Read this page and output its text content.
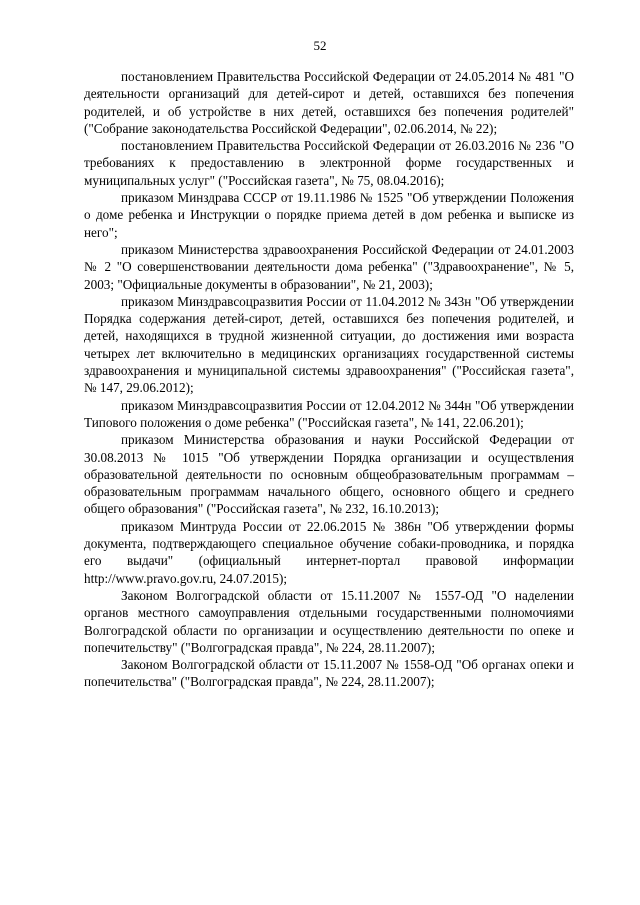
52

постановлением Правительства Российской Федерации от 24.05.2014 № 481 "О деятельности организаций для детей-сирот и детей, оставшихся без попечения родителей, и об устройстве в них детей, оставшихся без попечения родителей" ("Собрание законодательства Российской Федерации", 02.06.2014, № 22);

постановлением Правительства Российской Федерации от 26.03.2016 № 236 "О требованиях к предоставлению в электронной форме государственных и муниципальных услуг" ("Российская газета", № 75, 08.04.2016);

приказом Минздрава СССР от 19.11.1986 № 1525 "Об утверждении Положения о доме ребенка и Инструкции о порядке приема детей в дом ребенка и выписке из него";

приказом Министерства здравоохранения Российской Федерации от 24.01.2003 № 2 "О совершенствовании деятельности дома ребенка" ("Здравоохранение", № 5, 2003; "Официальные документы в образовании", № 21, 2003);

приказом Минздравсоцразвития России от 11.04.2012 № 343н "Об утверждении Порядка содержания детей-сирот, детей, оставшихся без попечения родителей, и детей, находящихся в трудной жизненной ситуации, до достижения ими возраста четырех лет включительно в медицинских организациях государственной системы здравоохранения и муниципальной системы здравоохранения" ("Российская газета", № 147, 29.06.2012);

приказом Минздравсоцразвития России от 12.04.2012 № 344н "Об утверждении Типового положения о доме ребенка" ("Российская газета", № 141, 22.06.201);

приказом Министерства образования и науки Российской Федерации от 30.08.2013 № 1015 "Об утверждении Порядка организации и осуществления образовательной деятельности по основным общеобразовательным программам – образовательным программам начального общего, основного общего и среднего общего образования" ("Российская газета", № 232, 16.10.2013);

приказом Минтруда России от 22.06.2015 № 386н "Об утверждении формы документа, подтверждающего специальное обучение собаки-проводника, и порядка его выдачи" (официальный интернет-портал правовой информации http://www.pravo.gov.ru, 24.07.2015);

Законом Волгоградской области от 15.11.2007 № 1557-ОД "О наделении органов местного самоуправления отдельными государственными полномочиями Волгоградской области по организации и осуществлению деятельности по опеке и попечительству" ("Волгоградская правда", № 224, 28.11.2007);

Законом Волгоградской области от 15.11.2007 № 1558-ОД "Об органах опеки и попечительства" ("Волгоградская правда", № 224, 28.11.2007);
